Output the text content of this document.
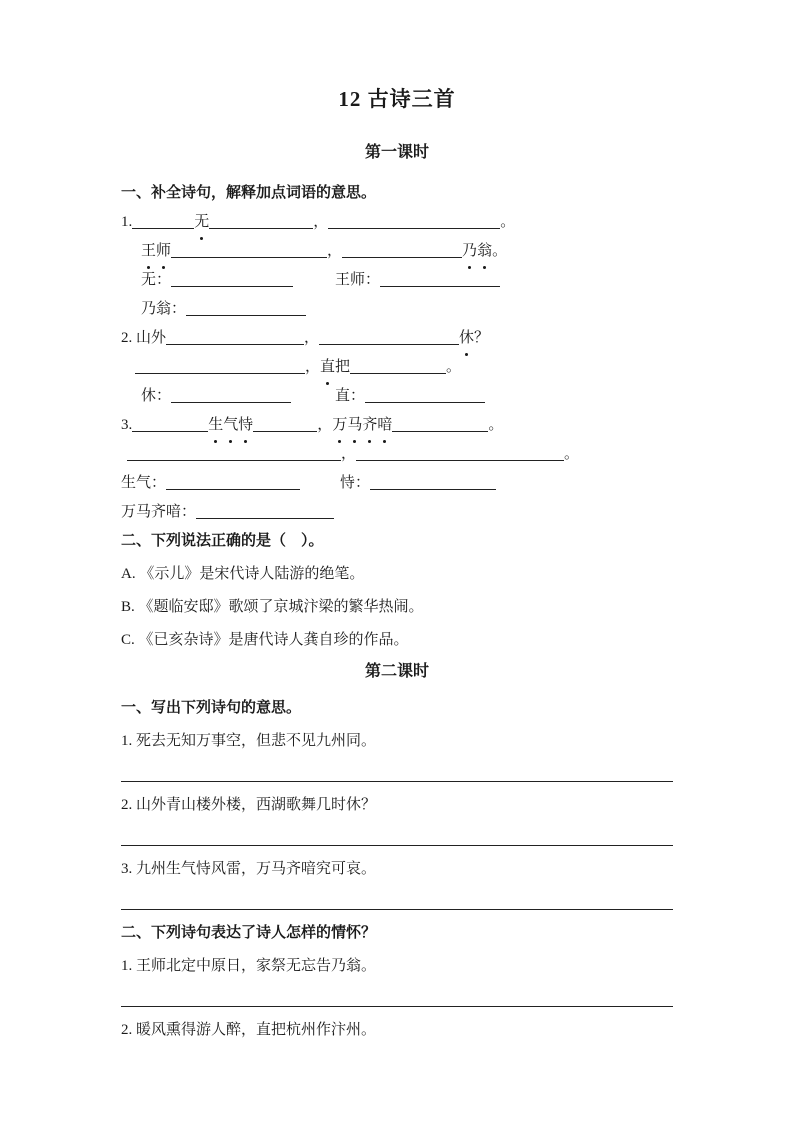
12 古诗三首
第一课时
一、补全诗句，解释加点词语的意思。
1.	无	，	。
王师	，	乃翁。
无：	王师：
乃翁：
2. 山外	，	休？
，直把	。
休：	直：
3.	生气恃	，万马齐喑	。
，	。
生气：	恃：
万马齐喑：
二、下列说法正确的是（　）。
A. 《示儿》是宋代诗人陆游的绝笔。
B. 《题临安邸》歌颂了京城汴梁的繁华热闹。
C. 《已亥杂诗》是唐代诗人龚自珍的作品。
第二课时
一、写出下列诗句的意思。
1. 死去无知万事空，但悲不见九州同。
2. 山外青山楼外楼，西湖歌舞几时休？
3. 九州生气恃风雷，万马齐喑究可哀。
二、下列诗句表达了诗人怎样的情怀？
1. 王师北定中原日，家祭无忘告乃翁。
2. 暖风熏得游人醉，直把杭州作汴州。
